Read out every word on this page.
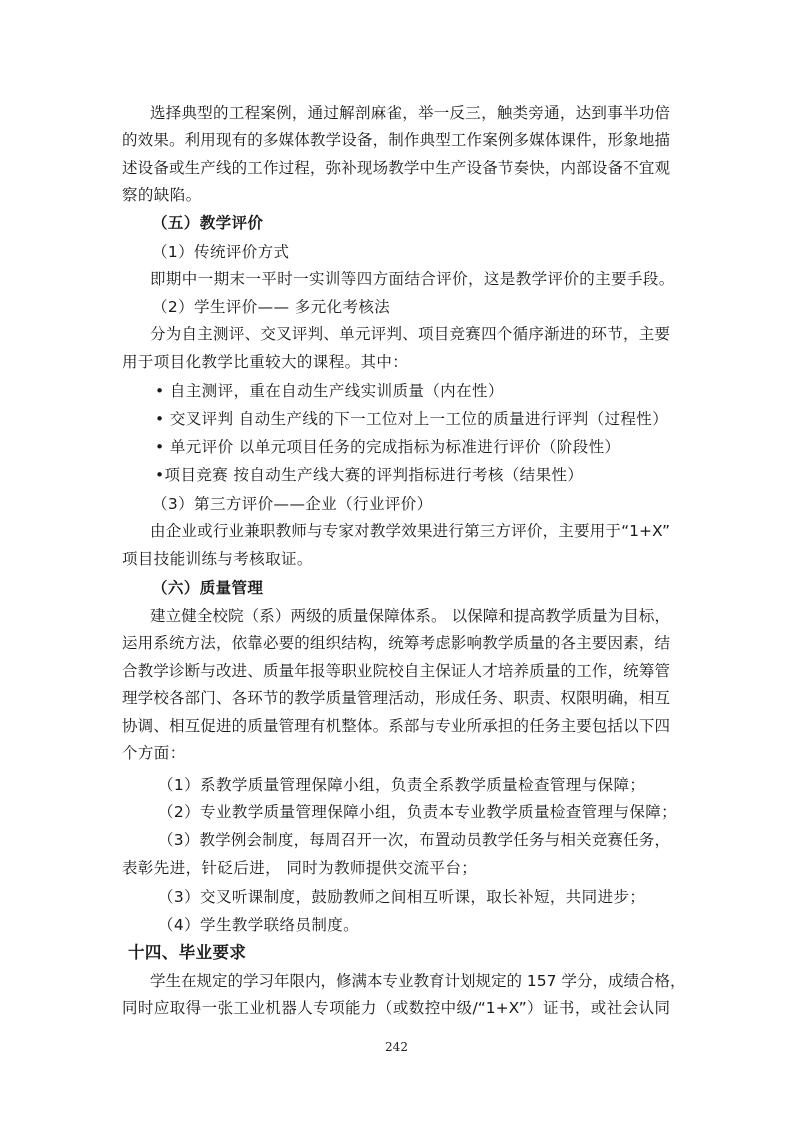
选择典型的工程案例，通过解剖麻雀，举一反三，触类旁通，达到事半功倍
的效果。利用现有的多媒体教学设备，制作典型工作案例多媒体课件，形象地描
述设备或生产线的工作过程，弥补现场教学中生产设备节奏快，内部设备不宜观
察的缺陷。
（五）教学评价
（1）传统评价方式
即期中一期末一平时一实训等四方面结合评价，这是教学评价的主要手段。
（2）学生评价—— 多元化考核法
分为自主测评、交叉评判、单元评判、项目竞赛四个循序渐进的环节，主要
用于项目化教学比重较大的课程。其中：
• 自主测评，重在自动生产线实训质量（内在性）
• 交叉评判 自动生产线的下一工位对上一工位的质量进行评判（过程性）
• 单元评价 以单元项目任务的完成指标为标准进行评价（阶段性）
•项目竞赛 按自动生产线大赛的评判指标进行考核（结果性）
（3）第三方评价——企业（行业评价）
由企业或行业兼职教师与专家对教学效果进行第三方评价，主要用于“1+X”
项目技能训练与考核取证。
（六）质量管理
建立健全校院（系）两级的质量保障体系。 以保障和提高教学质量为目标，
运用系统方法，依靠必要的组织结构，统筹考虑影响教学质量的各主要因素，结
合教学诊断与改进、质量年报等职业院校自主保证人才培养质量的工作，统筹管
理学校各部门、各环节的教学质量管理活动，形成任务、职责、权限明确，相互
协调、相互促进的质量管理有机整体。系部与专业所承担的任务主要包括以下四
个方面：
（1）系教学质量管理保障小组，负责全系教学质量检查管理与保障；
（2）专业教学质量管理保障小组，负责本专业教学质量检查管理与保障；
（3）教学例会制度，每周召开一次，布置动员教学任务与相关竞赛任务，
表彰先进，针砭后进， 同时为教师提供交流平台；
（3）交叉听课制度，鼓励教师之间相互听课，取长补短，共同进步；
（4）学生教学联络员制度。
十四、毕业要求
学生在规定的学习年限内，修满本专业教育计划规定的 157 学分，成绩合格，
同时应取得一张工业机器人专项能力（或数控中级/“1+X”）证书，或社会认同
242
